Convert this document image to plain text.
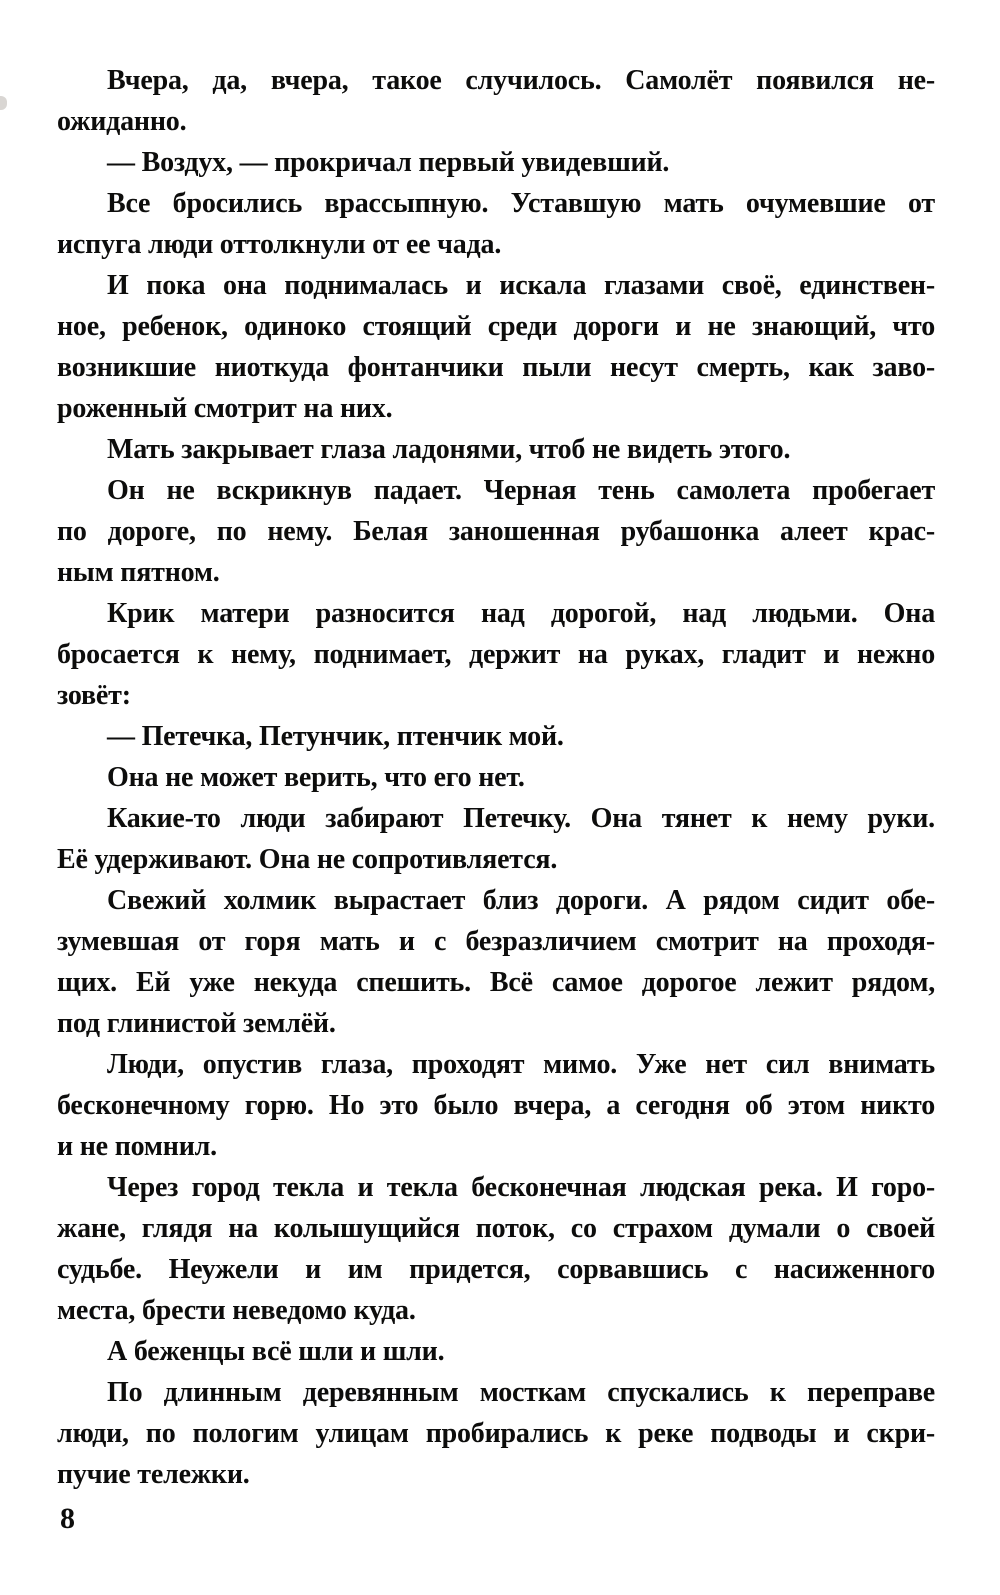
Вчера, да, вчера, такое случилось. Самолёт появился не-
ожиданно.
— Воздух, — прокричал первый увидевший.
Все бросились врассыпную. Уставшую мать очумевшие от
испуга люди оттолкнули от ее чада.
И пока она поднималась и искала глазами своё, единствен-
ное, ребенок, одиноко стоящий среди дороги и не знающий, что
возникшие ниоткуда фонтанчики пыли несут смерть, как заво-
роженный смотрит на них.
Мать закрывает глаза ладонями, чтоб не видеть этого.
Он не вскрикнув падает. Черная тень самолета пробегает
по дороге, по нему. Белая заношенная рубашонка алеет крас-
ным пятном.
Крик матери разносится над дорогой, над людьми. Она
бросается к нему, поднимает, держит на руках, гладит и нежно
зовёт:
— Петечка, Петунчик, птенчик мой.
Она не может верить, что его нет.
Какие-то люди забирают Петечку. Она тянет к нему руки.
Её удерживают. Она не сопротивляется.
Свежий холмик вырастает близ дороги. А рядом сидит обе-
зумевшая от горя мать и с безразличием смотрит на проходя-
щих. Ей уже некуда спешить. Всё самое дорогое лежит рядом,
под глинистой землёй.
Люди, опустив глаза, проходят мимо. Уже нет сил внимать
бесконечному горю. Но это было вчера, а сегодня об этом никто
и не помнил.
Через город текла и текла бесконечная людская река. И горо-
жане, глядя на колышущийся поток, со страхом думали о своей
судьбе. Неужели и им придется, сорвавшись с насиженного
места, брести неведомо куда.
А беженцы всё шли и шли.
По длинным деревянным мосткам спускались к переправе
люди, по пологим улицам пробирались к реке подводы и скри-
пучие тележки.
8
